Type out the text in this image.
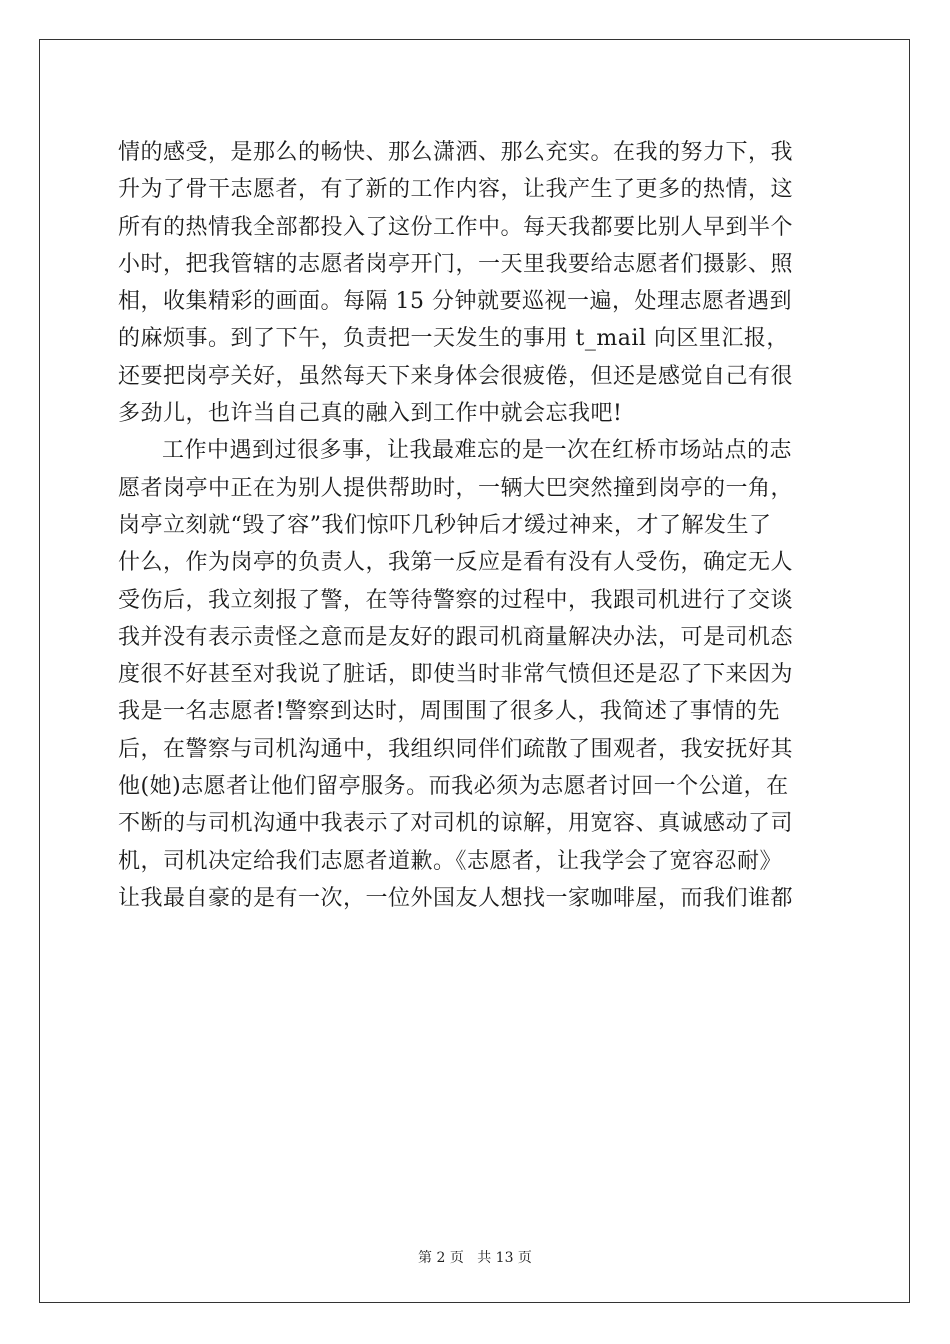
情的感受，是那么的畅快、那么潇洒、那么充实。在我的努力下，我
升为了骨干志愿者，有了新的工作内容，让我产生了更多的热情，这
所有的热情我全部都投入了这份工作中。每天我都要比别人早到半个
小时，把我管辖的志愿者岗亭开门，一天里我要给志愿者们摄影、照
相，收集精彩的画面。每隔 15 分钟就要巡视一遍，处理志愿者遇到
的麻烦事。到了下午，负责把一天发生的事用 t_mail 向区里汇报，
还要把岗亭关好，虽然每天下来身体会很疲倦，但还是感觉自己有很
多劲儿，也许当自己真的融入到工作中就会忘我吧!
工作中遇到过很多事，让我最难忘的是一次在红桥市场站点的志
愿者岗亭中正在为别人提供帮助时，一辆大巴突然撞到岗亭的一角，
岗亭立刻就“毁了容”我们惊吓几秒钟后才缓过神来，才了解发生了
什么，作为岗亭的负责人，我第一反应是看有没有人受伤，确定无人
受伤后，我立刻报了警，在等待警察的过程中，我跟司机进行了交谈
我并没有表示责怪之意而是友好的跟司机商量解决办法，可是司机态
度很不好甚至对我说了脏话，即使当时非常气愤但还是忍了下来因为
我是一名志愿者!警察到达时，周围围了很多人，我简述了事情的先
后，在警察与司机沟通中，我组织同伴们疏散了围观者，我安抚好其
他(她)志愿者让他们留亭服务。而我必须为志愿者讨回一个公道，在
不断的与司机沟通中我表示了对司机的谅解，用宽容、真诚感动了司
机，司机决定给我们志愿者道歉。《志愿者，让我学会了宽容忍耐》
让我最自豪的是有一次，一位外国友人想找一家咖啡屋，而我们谁都
第 2 页 共 13 页
